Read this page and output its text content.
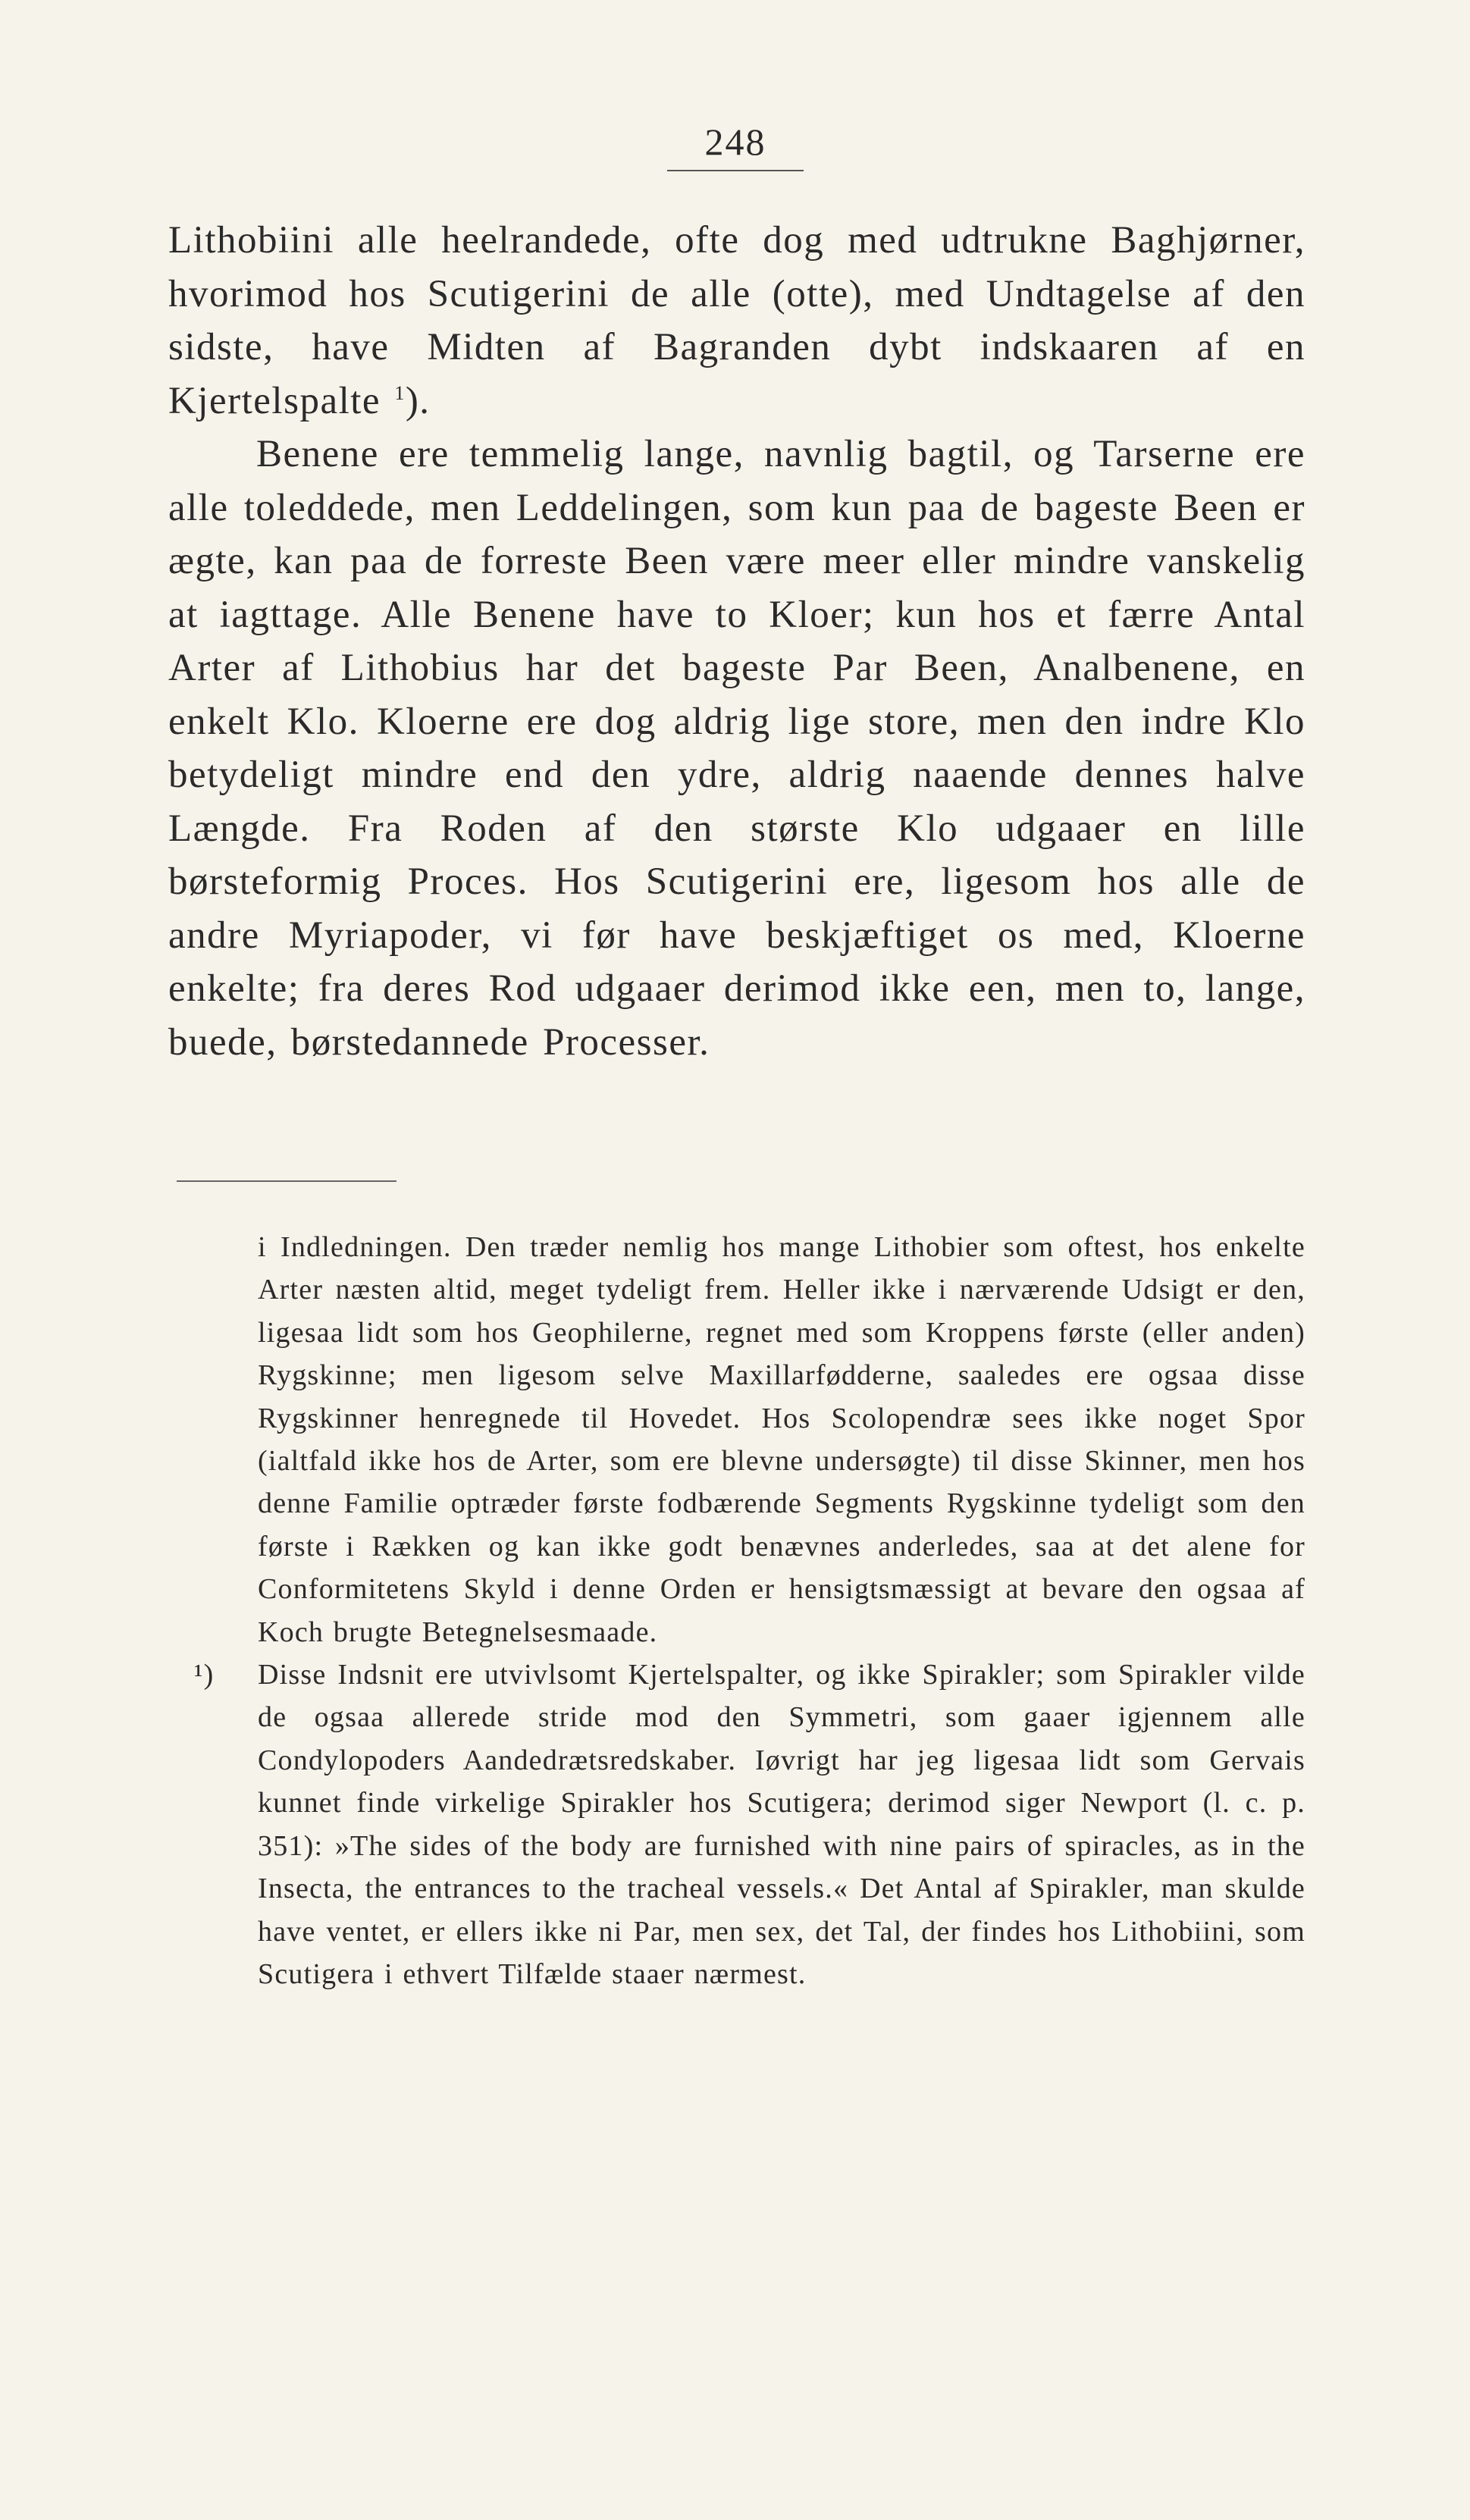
248

Lithobiini alle heelrandede, ofte dog med udtrukne Baghjørner, hvorimod hos Scutigerini de alle (otte), med Undtagelse af den sidste, have Midten af Bagranden dybt indskaaren af en Kjertelspalte $^1$).

Benene ere temmelig lange, navnlig bagtil, og Tarserne ere alle toleddede, men Leddelingen, som kun paa de bageste Been er ægte, kan paa de forreste Been være meer eller mindre vanskelig at iagttage. Alle Benene have to Kloer; kun hos et færre Antal Arter af Lithobius har det bageste Par Been, Analbenene, en enkelt Klo. Kloerne ere dog aldrig lige store, men den indre Klo betydeligt mindre end den ydre, aldrig naaende dennes halve Længde. Fra Roden af den største Klo udgaaer en lille børsteformig Proces. Hos Scutigerini ere, ligesom hos alle de andre Myriapoder, vi før have beskjæftiget os med, Kloerne enkelte; fra deres Rod udgaaer derimod ikke een, men to, lange, buede, børstedannede Processer.

i Indledningen. Den træder nemlig hos mange Lithobier som oftest, hos enkelte Arter næsten altid, meget tydeligt frem. Heller ikke i nærværende Udsigt er den, ligesaa lidt som hos Geophilerne, regnet med som Kroppens første (eller anden) Rygskinne; men ligesom selve Maxillarfødderne, saaledes ere ogsaa disse Rygskinner henregnede til Hovedet. Hos Scolopendræ sees ikke noget Spor (ialtfald ikke hos de Arter, som ere blevne undersøgte) til disse Skinner, men hos denne Familie optræder første fodbærende Segments Rygskinne tydeligt som den første i Rækken og kan ikke godt benævnes anderledes, saa at det alene for Conformitetens Skyld i denne Orden er hensigtsmæssigt at bevare den ogsaa af Koch brugte Betegnelsesmaade.

¹)	Disse Indsnit ere utvivlsomt Kjertelspalter, og ikke Spirakler; som Spirakler vilde de ogsaa allerede stride mod den Symmetri, som gaaer igjennem alle Condylopoders Aandedrætsredskaber. Iøvrigt har jeg ligesaa lidt som Gervais kunnet finde virkelige Spirakler hos Scutigera; derimod siger Newport (l. c. p. 351): »The sides of the body are furnished with nine pairs of spiracles, as in the Insecta, the entrances to the tracheal vessels.« Det Antal af Spirakler, man skulde have ventet, er ellers ikke ni Par, men sex, det Tal, der findes hos Lithobiini, som Scutigera i ethvert Tilfælde staaer nærmest.
